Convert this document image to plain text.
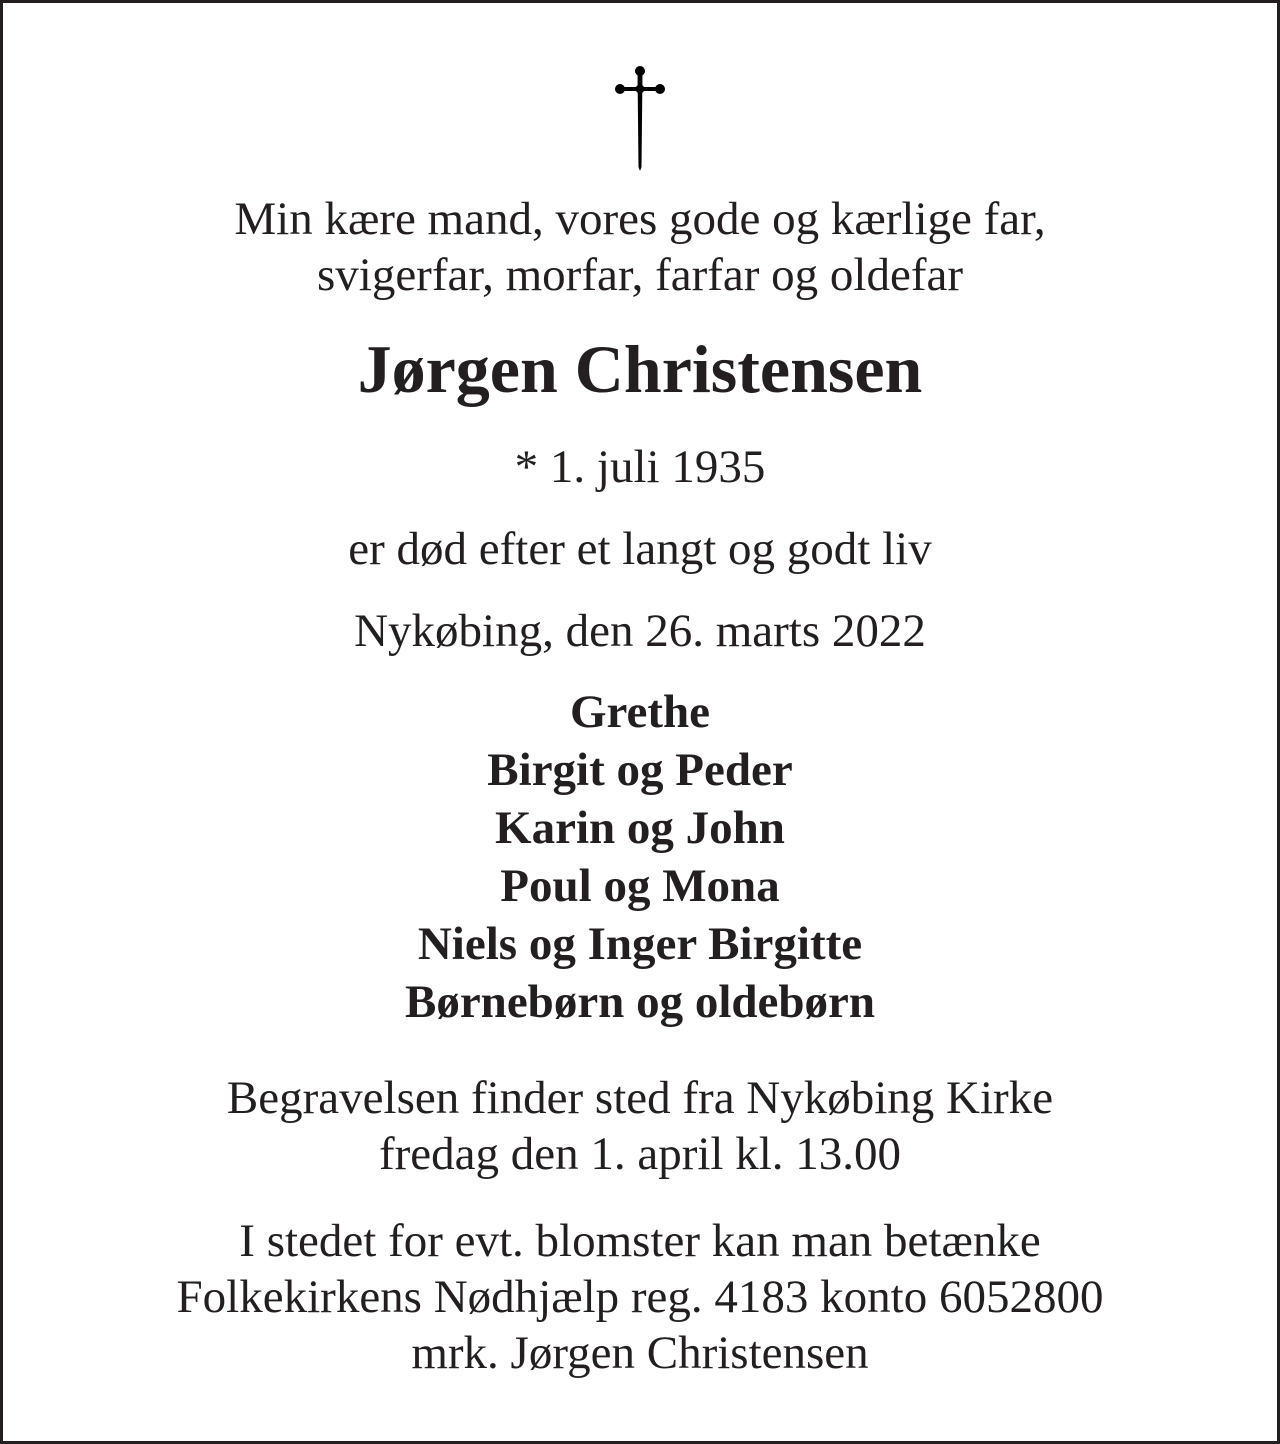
Min kære mand, vores gode og kærlige far,
svigerfar, morfar, farfar og oldefar

Jørgen Christensen

* 1. juli 1935

er død efter et langt og godt liv

Nykøbing, den 26. marts 2022

Grethe
Birgit og Peder
Karin og John
Poul og Mona
Niels og Inger Birgitte
Børnebørn og oldebørn

Begravelsen finder sted fra Nykøbing Kirke
fredag den 1. april kl. 13.00

I stedet for evt. blomster kan man betænke
Folkekirkens Nødhjælp reg. 4183 konto 6052800
mrk. Jørgen Christensen
